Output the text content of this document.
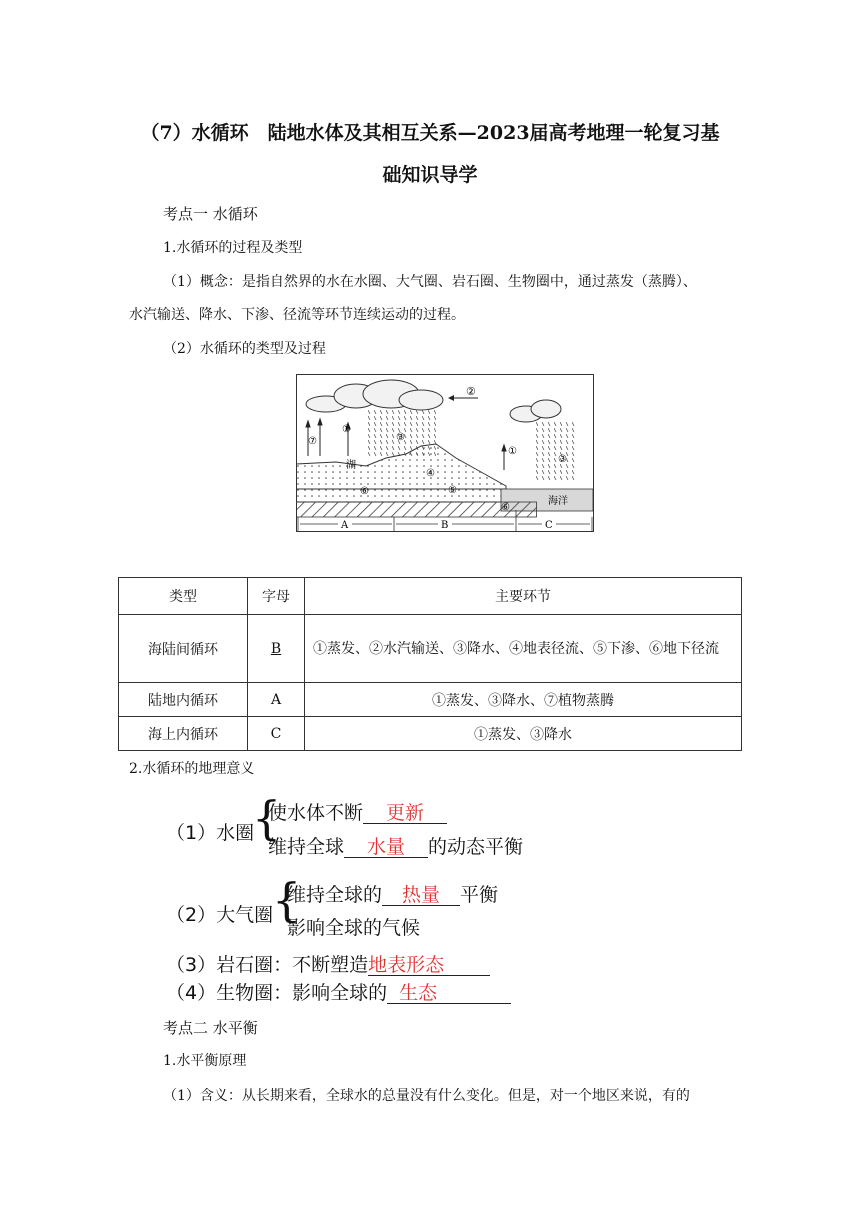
（7）水循环　陆地水体及其相互关系—2023届高考地理一轮复习基
础知识导学
考点一 水循环
1.水循环的过程及类型
（1）概念：是指自然界的水在水圈、大气圈、岩石圈、生物圈中，通过蒸发（蒸腾）、
水汽输送、降水、下渗、径流等环节连续运动的过程。
（2）水循环的类型及过程
②
⑦
①
①
③
③
海洋
湖
④
⑤
⑥
A	B	C
类型	字母	主要环节
海陆间循环	B	①蒸发、②水汽输送、③降水、④地表径流、⑤下渗、⑥地下径流
陆地内循环	A	①蒸发、③降水、⑦植物蒸腾
海上内循环	C	①蒸发、③降水
2.水循环的地理意义
（1）水圈
{
使水体不断 更新
维持全球 水量 的动态平衡
（2）大气圈
{
维持全球的 热量 平衡
影响全球的气候
（3）岩石圈：不断塑造地表形态
（4）生物圈：影响全球的 生态
考点二 水平衡
1.水平衡原理
（1）含义：从长期来看，全球水的总量没有什么变化。但是，对一个地区来说，有的
